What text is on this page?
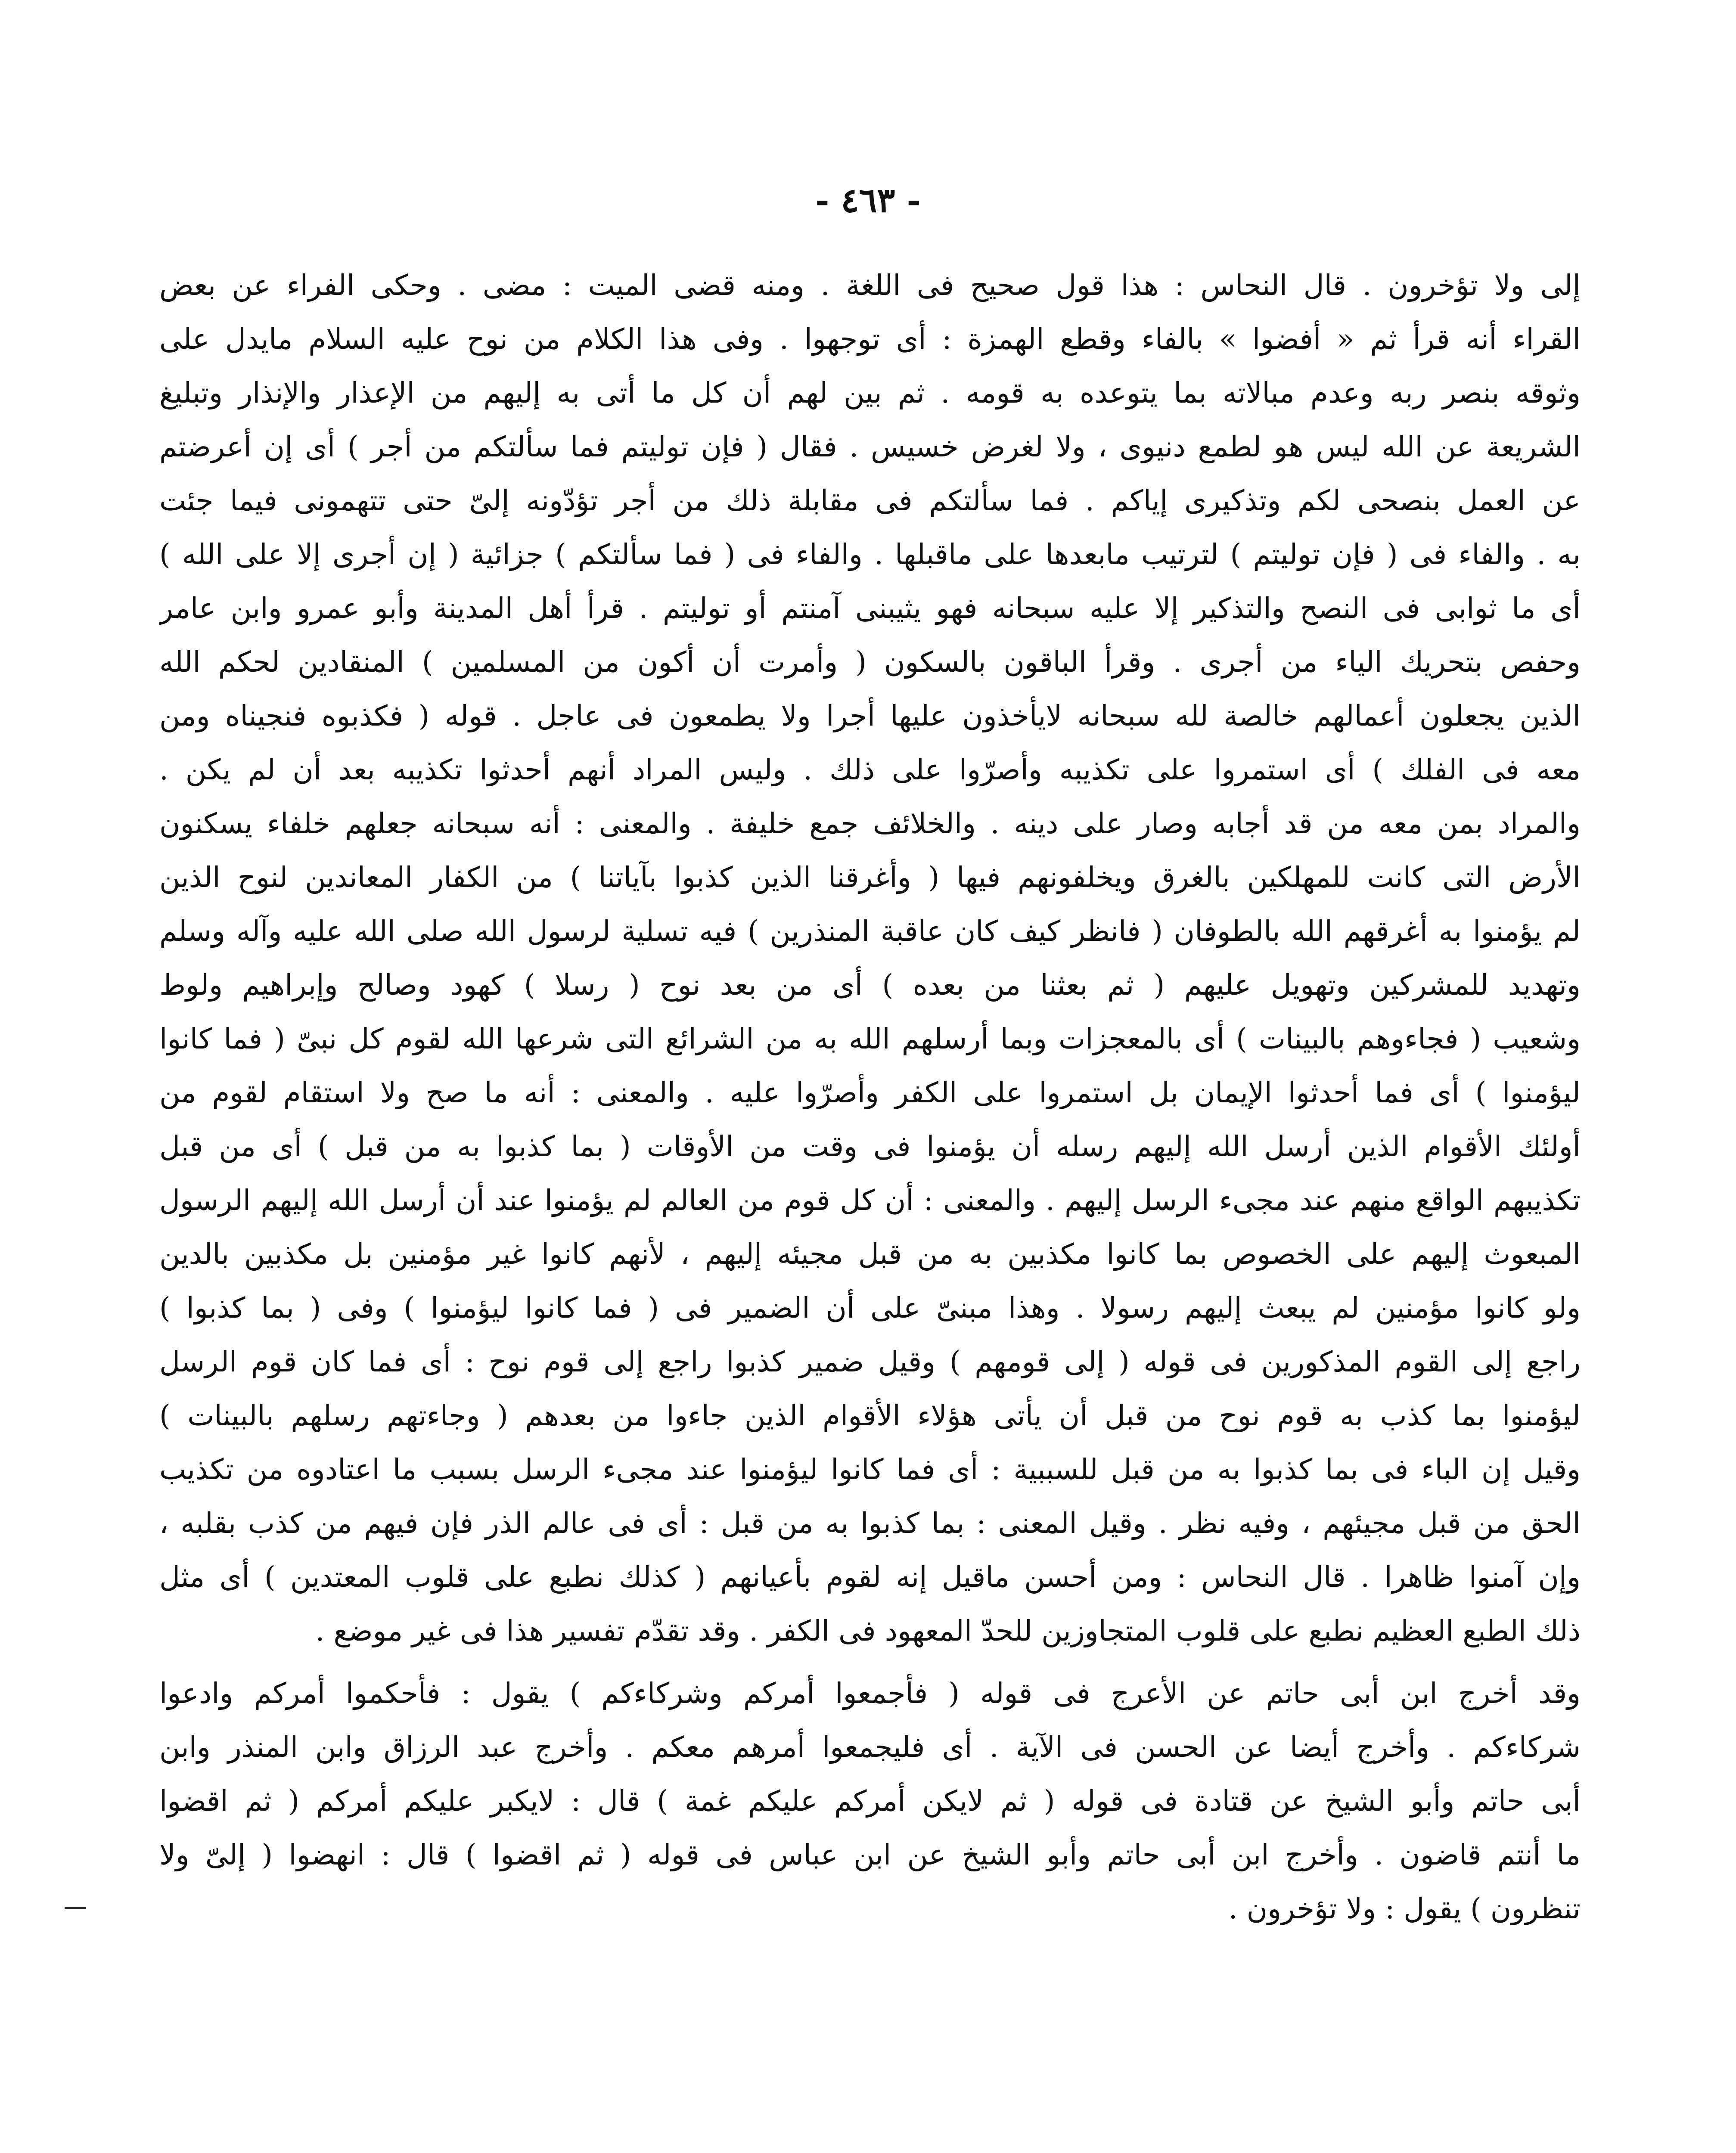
- ٤٦٣ -
إلى ولا تؤخرون . قال النحاس : هذا قول صحيح فى اللغة . ومنه قضى الميت : مضى . وحكى الفراء عن بعض
القراء أنه قرأ ثم « أفضوا » بالفاء وقطع الهمزة : أى توجهوا . وفى هذا الكلام من نوح عليه السلام مايدل على
وثوقه بنصر ربه وعدم مبالاته بما يتوعده به قومه . ثم بين لهم أن كل ما أتى به إليهم من الإعذار والإنذار وتبليغ
الشريعة عن الله ليس هو لطمع دنيوى ، ولا لغرض خسيس . فقال ( فإن توليتم فما سألتكم من أجر ) أى إن أعرضتم
عن العمل بنصحى لكم وتذكيرى إياكم . فما سألتكم فى مقابلة ذلك من أجر تؤدّونه إلىّ حتى تتهمونى فيما جئت
به . والفاء فى ( فإن توليتم ) لترتيب مابعدها على ماقبلها . والفاء فى ( فما سألتكم ) جزائية ( إن أجرى إلا على الله )
أى ما ثوابى فى النصح والتذكير إلا عليه سبحانه فهو يثيبنى آمنتم أو توليتم . قرأ أهل المدينة وأبو عمرو وابن عامر
وحفص بتحريك الياء من أجرى . وقرأ الباقون بالسكون ( وأمرت أن أكون من المسلمين ) المنقادين لحكم الله
الذين يجعلون أعمالهم خالصة لله سبحانه لايأخذون عليها أجرا ولا يطمعون فى عاجل . قوله ( فكذبوه فنجيناه ومن
معه فى الفلك ) أى استمروا على تكذيبه وأصرّوا على ذلك . وليس المراد أنهم أحدثوا تكذيبه بعد أن لم يكن .
والمراد بمن معه من قد أجابه وصار على دينه . والخلائف جمع خليفة . والمعنى : أنه سبحانه جعلهم خلفاء يسكنون
الأرض التى كانت للمهلكين بالغرق ويخلفونهم فيها ( وأغرقنا الذين كذبوا بآياتنا ) من الكفار المعاندين لنوح الذين
لم يؤمنوا به أغرقهم الله بالطوفان ( فانظر كيف كان عاقبة المنذرين ) فيه تسلية لرسول الله صلى الله عليه وآله وسلم
وتهديد للمشركين وتهويل عليهم ( ثم بعثنا من بعده ) أى من بعد نوح ( رسلا ) كهود وصالح وإبراهيم ولوط
وشعيب ( فجاءوهم بالبينات ) أى بالمعجزات وبما أرسلهم الله به من الشرائع التى شرعها الله لقوم كل نبىّ ( فما كانوا
ليؤمنوا ) أى فما أحدثوا الإيمان بل استمروا على الكفر وأصرّوا عليه . والمعنى : أنه ما صح ولا استقام لقوم من
أولئك الأقوام الذين أرسل الله إليهم رسله أن يؤمنوا فى وقت من الأوقات ( بما كذبوا به من قبل ) أى من قبل
تكذيبهم الواقع منهم عند مجىء الرسل إليهم . والمعنى : أن كل قوم من العالم لم يؤمنوا عند أن أرسل الله إليهم الرسول
المبعوث إليهم على الخصوص بما كانوا مكذبين به من قبل مجيئه إليهم ، لأنهم كانوا غير مؤمنين بل مكذبين بالدين
ولو كانوا مؤمنين لم يبعث إليهم رسولا . وهذا مبنىّ على أن الضمير فى ( فما كانوا ليؤمنوا ) وفى ( بما كذبوا )
راجع إلى القوم المذكورين فى قوله ( إلى قومهم ) وقيل ضمير كذبوا راجع إلى قوم نوح : أى فما كان قوم الرسل
ليؤمنوا بما كذب به قوم نوح من قبل أن يأتى هؤلاء الأقوام الذين جاءوا من بعدهم ( وجاءتهم رسلهم بالبينات )
وقيل إن الباء فى بما كذبوا به من قبل للسببية : أى فما كانوا ليؤمنوا عند مجىء الرسل بسبب ما اعتادوه من تكذيب
الحق من قبل مجيئهم ، وفيه نظر . وقيل المعنى : بما كذبوا به من قبل : أى فى عالم الذر فإن فيهم من كذب بقلبه ،
وإن آمنوا ظاهرا . قال النحاس : ومن أحسن ماقيل إنه لقوم بأعيانهم ( كذلك نطبع على قلوب المعتدين ) أى مثل
ذلك الطبع العظيم نطبع على قلوب المتجاوزين للحدّ المعهود فى الكفر . وقد تقدّم تفسير هذا فى غير موضع .
وقد أخرج ابن أبى حاتم عن الأعرج فى قوله ( فأجمعوا أمركم وشركاءكم ) يقول : فأحكموا أمركم وادعوا
شركاءكم . وأخرج أيضا عن الحسن فى الآية . أى فليجمعوا أمرهم معكم . وأخرج عبد الرزاق وابن المنذر وابن
أبى حاتم وأبو الشيخ عن قتادة فى قوله ( ثم لايكن أمركم عليكم غمة ) قال : لايكبر عليكم أمركم ( ثم اقضوا
ما أنتم قاضون . وأخرج ابن أبى حاتم وأبو الشيخ عن ابن عباس فى قوله ( ثم اقضوا ) قال : انهضوا ( إلىّ ولا
تنظرون ) يقول : ولا تؤخرون .
